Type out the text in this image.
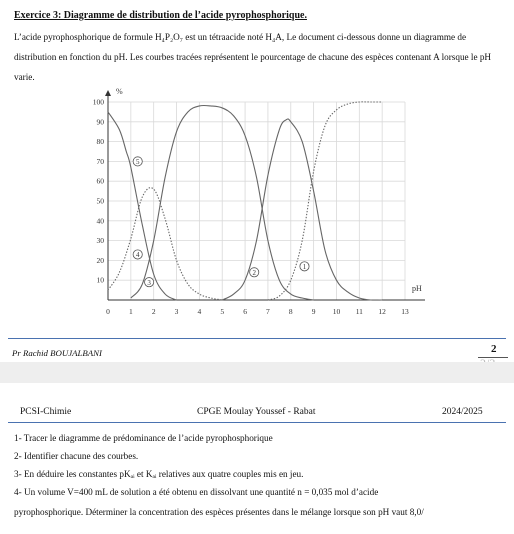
Exercice 3: Diagramme de distribution de l’acide pyrophosphorique.

L’acide pyrophosphorique de formule H₄P₂O₇ est un tétraacide noté H₄A, Le document ci-dessous donne un diagramme de distribution en fonction du pH. Les courbes tracées représentent le pourcentage de chacune des espèces contenant A lorsque le pH varie.

0	1	2	3	4	5	6	7	8	9 10 11 12 13
10
20
30
40
50
60
70
80
90
100
1
2
3
4
5
%
pH

Pr Rachid BOUJALBANI	2

PCSI-Chimie	CPGE Moulay Youssef - Rabat	2024/2025

1- Tracer le diagramme de prédominance de l’acide pyrophosphorique

2- Identifier chacune des courbes.

3- En déduire les constantes pKₐᵢ et Kₐᵢ relatives aux quatre couples mis en jeu.

4- Un volume V=400 mL de solution a été obtenu en dissolvant une quantité n = 0,035 mol d’acide

pyrophosphorique. Déterminer la concentration des espèces présentes dans le mélange lorsque son pH vaut 8,0/
